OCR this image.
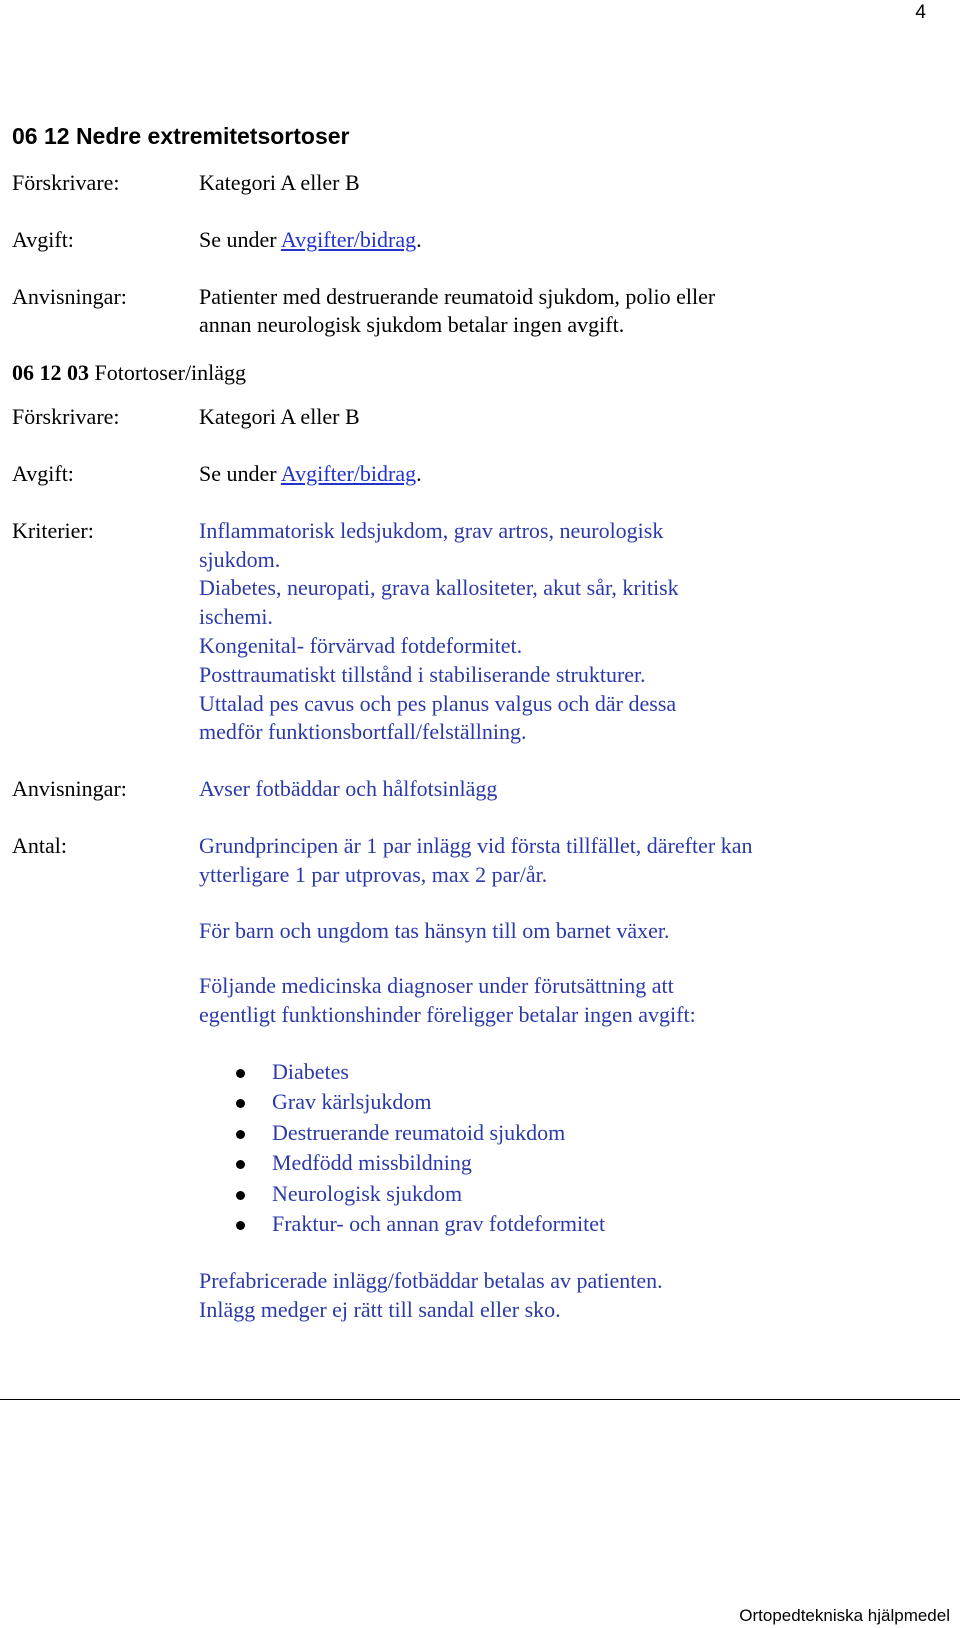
4
06 12 Nedre extremitetsortoser
Förskrivare:	Kategori A eller B
Avgift:	Se under Avgifter/bidrag.
Anvisningar:	Patienter med destruerande reumatoid sjukdom, polio eller annan neurologisk sjukdom betalar ingen avgift.
06 12 03 Fotortoser/inlägg
Förskrivare:	Kategori A eller B
Avgift:	Se under Avgifter/bidrag.
Kriterier:	Inflammatorisk ledsjukdom, grav artros, neurologisk sjukdom.
Diabetes, neuropati, grava kallositeter, akut sår, kritisk ischemi.
Kongenital- förvärvad fotdeformitet.
Posttraumatiskt tillstånd i stabiliserande strukturer.
Uttalad pes cavus och pes planus valgus och där dessa medför funktionsbortfall/felställning.
Anvisningar:	Avser fotbäddar och hålfotsinlägg
Antal:	Grundprincipen är 1 par inlägg vid första tillfället, därefter kan ytterligare 1 par utprovas, max 2 par/år.
För barn och ungdom tas hänsyn till om barnet växer.
Följande medicinska diagnoser under förutsättning att egentligt funktionshinder föreligger betalar ingen avgift:
Diabetes
Grav kärlsjukdom
Destruerande reumatoid sjukdom
Medfödd missbildning
Neurologisk sjukdom
Fraktur- och annan grav fotdeformitet
Prefabricerade inlägg/fotbäddar betalas av patienten.
Inlägg medger ej rätt till sandal eller sko.
Ortopedtekniska hjälpmedel
